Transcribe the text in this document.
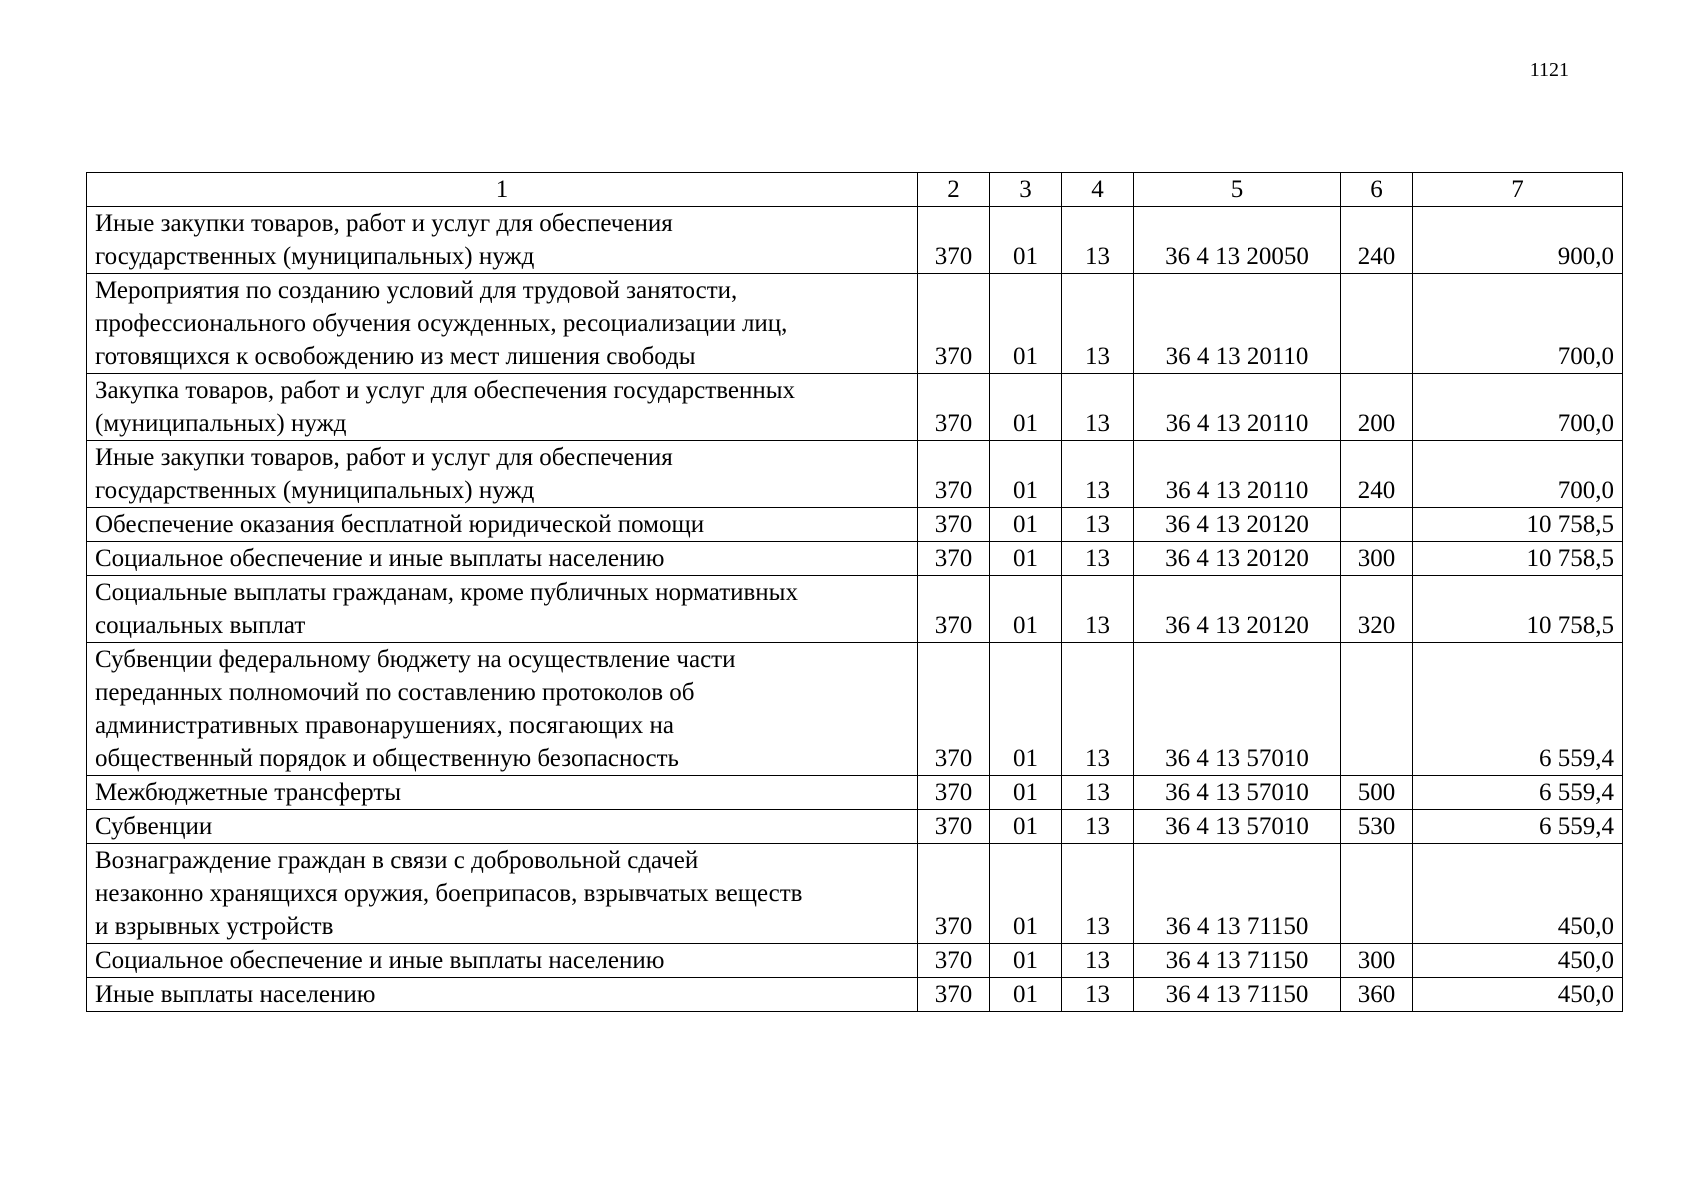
1121
1	2	3	4	5	6	7

Иные закупки товаров, работ и услуг для обеспечения
государственных (муниципальных) нужд	370	01	13	36 4 13 20050	240	900,0

Мероприятия по созданию условий для трудовой занятости,
профессионального обучения осужденных, ресоциализации лиц,
готовящихся к освобождению из мест лишения свободы	370	01	13	36 4 13 20110		700,0

Закупка товаров, работ и услуг для обеспечения государственных
(муниципальных) нужд	370	01	13	36 4 13 20110	200	700,0

Иные закупки товаров, работ и услуг для обеспечения
государственных (муниципальных) нужд	370	01	13	36 4 13 20110	240	700,0

Обеспечение оказания бесплатной юридической помощи	370	01	13	36 4 13 20120		10 758,5

Социальное обеспечение и иные выплаты населению	370	01	13	36 4 13 20120	300	10 758,5

Социальные выплаты гражданам, кроме публичных нормативных
социальных выплат	370	01	13	36 4 13 20120	320	10 758,5

Субвенции федеральному бюджету на осуществление части
переданных полномочий по составлению протоколов об
административных правонарушениях, посягающих на
общественный порядок и общественную безопасность	370	01	13	36 4 13 57010		6 559,4

Межбюджетные трансферты	370	01	13	36 4 13 57010	500	6 559,4

Субвенции	370	01	13	36 4 13 57010	530	6 559,4

Вознаграждение граждан в связи с добровольной сдачей
незаконно хранящихся оружия, боеприпасов, взрывчатых веществ
и взрывных устройств	370	01	13	36 4 13 71150		450,0

Социальное обеспечение и иные выплаты населению	370	01	13	36 4 13 71150	300	450,0

Иные выплаты населению	370	01	13	36 4 13 71150	360	450,0
